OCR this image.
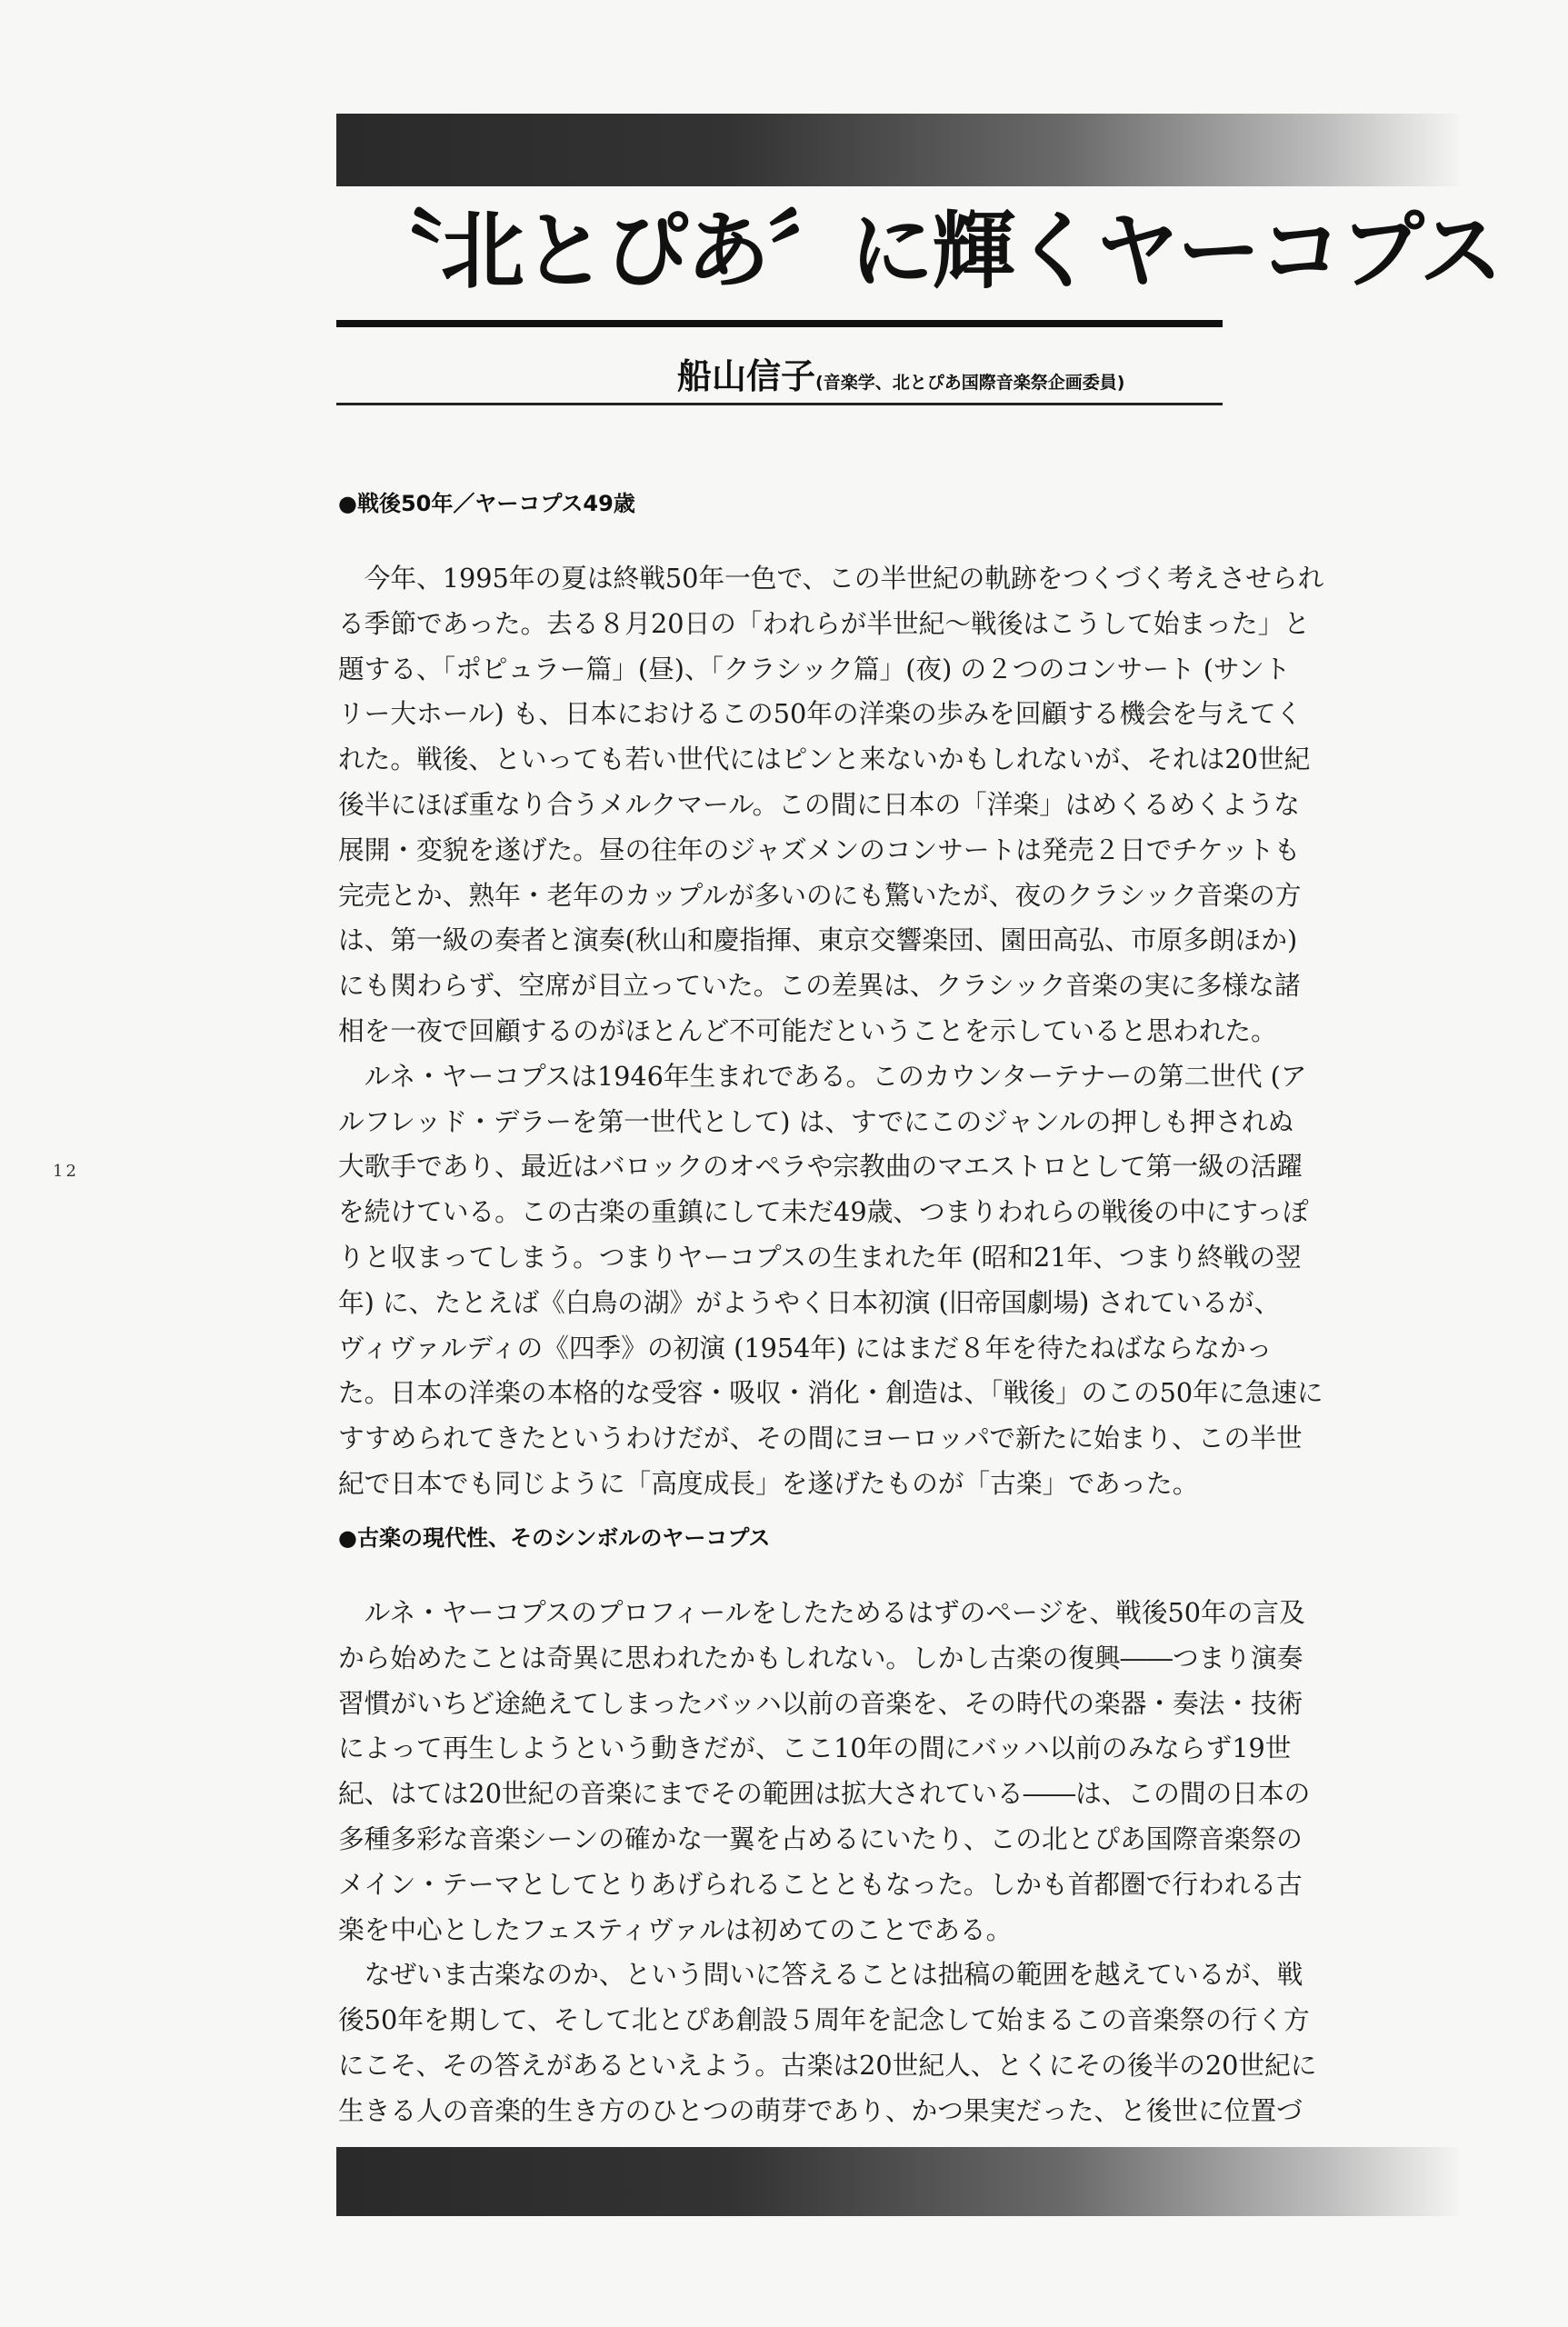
〝北とぴあ〞に輝くヤーコプス
船山信子(音楽学、北とぴあ国際音楽祭企画委員)
●戦後50年／ヤーコプス49歳
　今年、1995年の夏は終戦50年一色で、この半世紀の軌跡をつくづく考えさせられ
る季節であった。去る８月20日の「われらが半世紀～戦後はこうして始まった」と
題する、「ポピュラー篇」(昼)、「クラシック篇」(夜) の２つのコンサート (サント
リー大ホール) も、日本におけるこの50年の洋楽の歩みを回顧する機会を与えてく
れた。戦後、といっても若い世代にはピンと来ないかもしれないが、それは20世紀
後半にほぼ重なり合うメルクマール。この間に日本の「洋楽」はめくるめくような
展開・変貌を遂げた。昼の往年のジャズメンのコンサートは発売２日でチケットも
完売とか、熟年・老年のカップルが多いのにも驚いたが、夜のクラシック音楽の方
は、第一級の奏者と演奏(秋山和慶指揮、東京交響楽団、園田高弘、市原多朗ほか)
にも関わらず、空席が目立っていた。この差異は、クラシック音楽の実に多様な諸
相を一夜で回顧するのがほとんど不可能だということを示していると思われた。
　ルネ・ヤーコプスは1946年生まれである。このカウンターテナーの第二世代 (ア
ルフレッド・デラーを第一世代として) は、すでにこのジャンルの押しも押されぬ
大歌手であり、最近はバロックのオペラや宗教曲のマエストロとして第一級の活躍
を続けている。この古楽の重鎮にして未だ49歳、つまりわれらの戦後の中にすっぽ
りと収まってしまう。つまりヤーコプスの生まれた年 (昭和21年、つまり終戦の翌
年) に、たとえば《白鳥の湖》がようやく日本初演 (旧帝国劇場) されているが、
ヴィヴァルディの《四季》の初演 (1954年) にはまだ８年を待たねばならなかっ
た。日本の洋楽の本格的な受容・吸収・消化・創造は、「戦後」のこの50年に急速に
すすめられてきたというわけだが、その間にヨーロッパで新たに始まり、この半世
紀で日本でも同じように「高度成長」を遂げたものが「古楽」であった。
12
●古楽の現代性、そのシンボルのヤーコプス
　ルネ・ヤーコプスのプロフィールをしたためるはずのページを、戦後50年の言及
から始めたことは奇異に思われたかもしれない。しかし古楽の復興――つまり演奏
習慣がいちど途絶えてしまったバッハ以前の音楽を、その時代の楽器・奏法・技術
によって再生しようという動きだが、ここ10年の間にバッハ以前のみならず19世
紀、はては20世紀の音楽にまでその範囲は拡大されている――は、この間の日本の
多種多彩な音楽シーンの確かな一翼を占めるにいたり、この北とぴあ国際音楽祭の
メイン・テーマとしてとりあげられることともなった。しかも首都圏で行われる古
楽を中心としたフェスティヴァルは初めてのことである。
　なぜいま古楽なのか、という問いに答えることは拙稿の範囲を越えているが、戦
後50年を期して、そして北とぴあ創設５周年を記念して始まるこの音楽祭の行く方
にこそ、その答えがあるといえよう。古楽は20世紀人、とくにその後半の20世紀に
生きる人の音楽的生き方のひとつの萌芽であり、かつ果実だった、と後世に位置づ
